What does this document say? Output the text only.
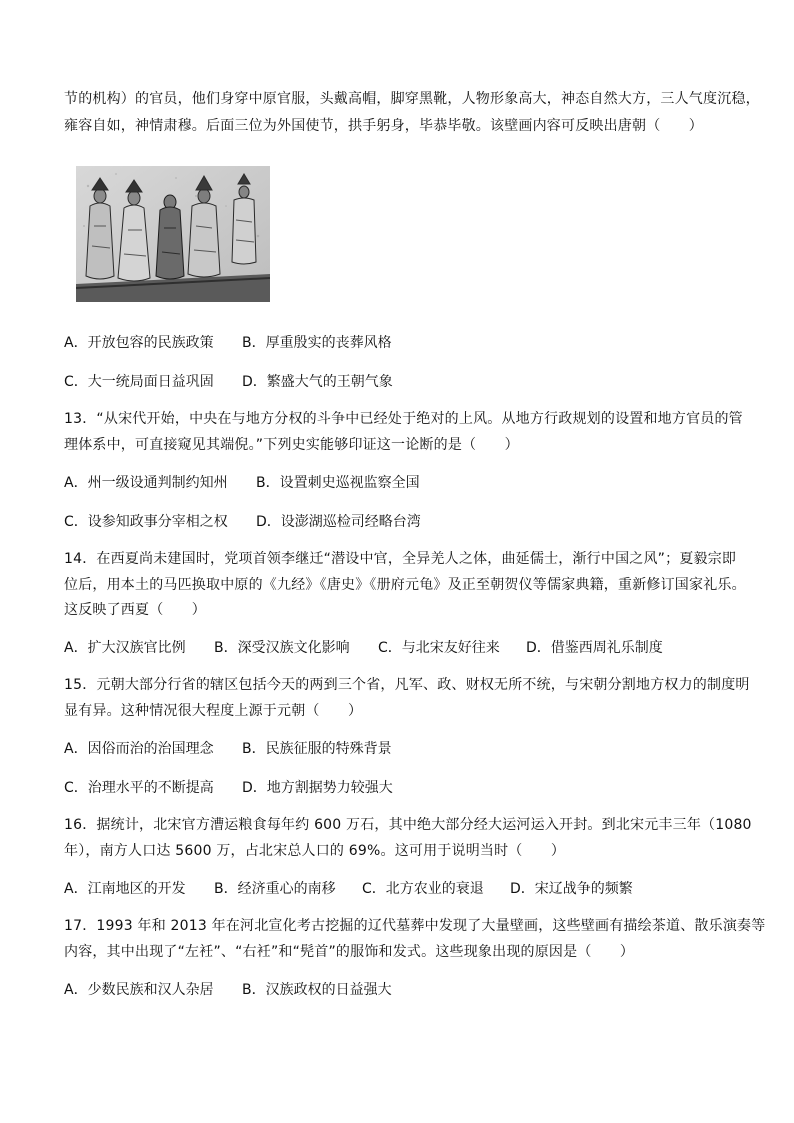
节的机构）的官员，他们身穿中原官服，头戴高帽，脚穿黑靴，人物形象高大，神态自然大方，三人气度沉稳，
雍容自如，神情肃穆。后面三位为外国使节，拱手躬身，毕恭毕敬。该壁画内容可反映出唐朝（　　）
A．开放包容的民族政策 B．厚重殷实的丧葬风格
C．大一统局面日益巩固 D．繁盛大气的王朝气象
13．“从宋代开始，中央在与地方分权的斗争中已经处于绝对的上风。从地方行政规划的设置和地方官员的管
理体系中，可直接窥见其端倪。”下列史实能够印证这一论断的是（　　）
A．州一级设通判制约知州 B．设置刺史巡视监察全国
C．设参知政事分宰相之权 D．设澎湖巡检司经略台湾
14．在西夏尚未建国时，党项首领李继迁“潜设中官，全异羌人之体，曲延儒士，渐行中国之风”；夏毅宗即
位后，用本土的马匹换取中原的《九经》《唐史》《册府元龟》及正至朝贺仪等儒家典籍，重新修订国家礼乐。
这反映了西夏（　　）
A．扩大汉族官比例 B．深受汉族文化影响 C．与北宋友好往来 D．借鉴西周礼乐制度
15．元朝大部分行省的辖区包括今天的两到三个省，凡军、政、财权无所不统，与宋朝分割地方权力的制度明
显有异。这种情况很大程度上源于元朝（　　）
A．因俗而治的治国理念 B．民族征服的特殊背景
C．治理水平的不断提高 D．地方割据势力较强大
16．据统计，北宋官方漕运粮食每年约 600 万石，其中绝大部分经大运河运入开封。到北宋元丰三年（1080
年），南方人口达 5600 万，占北宋总人口的 69%。这可用于说明当时（　　）
A．江南地区的开发 B．经济重心的南移 C．北方农业的衰退 D．宋辽战争的频繁
17．1993 年和 2013 年在河北宣化考古挖掘的辽代墓葬中发现了大量壁画，这些壁画有描绘茶道、散乐演奏等
内容，其中出现了“左衽”、“右衽”和“髡首”的服饰和发式。这些现象出现的原因是（　　）
A．少数民族和汉人杂居 B．汉族政权的日益强大
